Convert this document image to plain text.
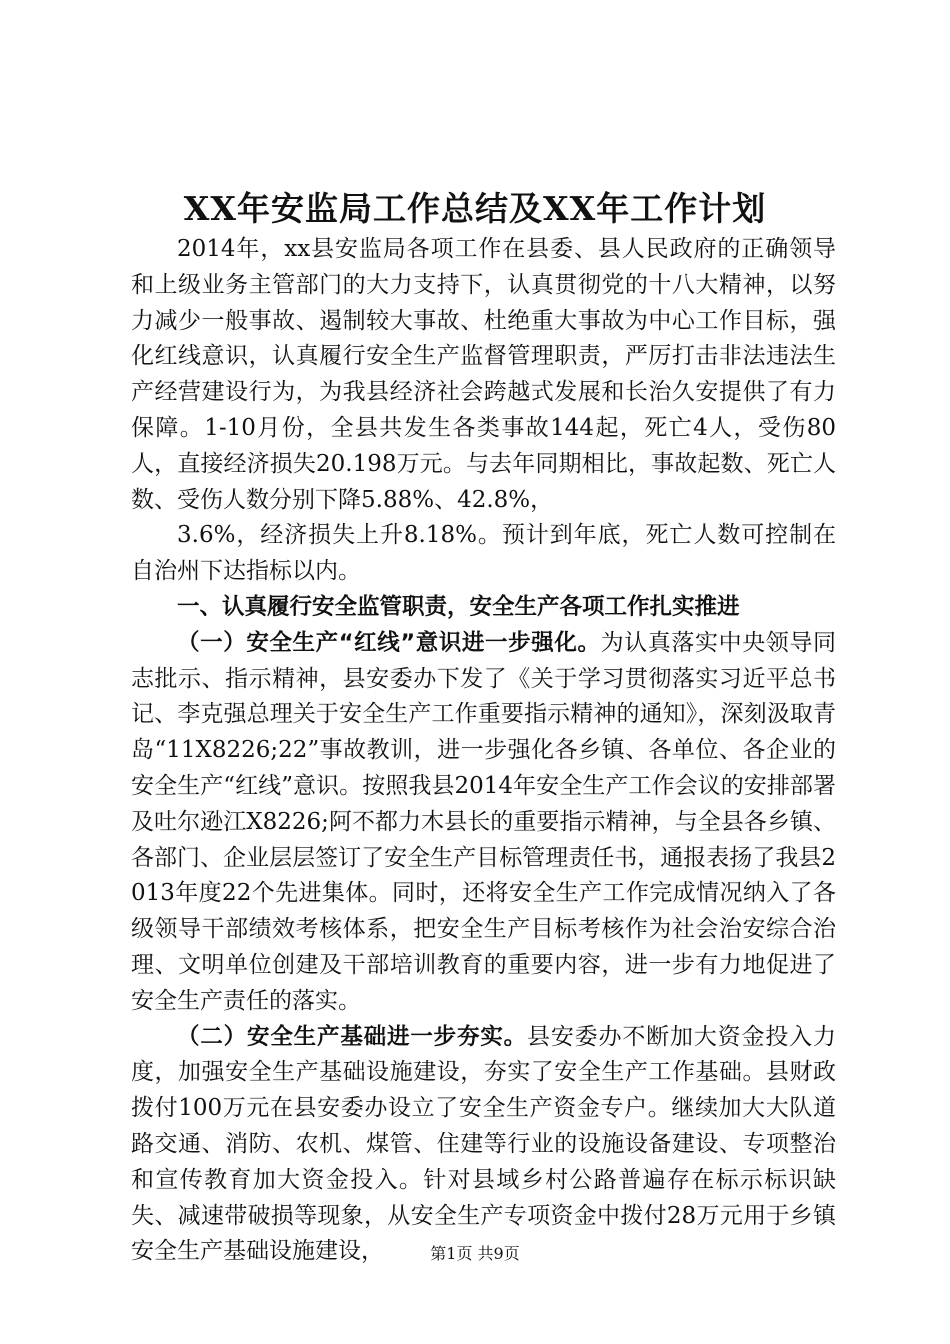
XX年安监局工作总结及XX年工作计划

2014年，xx县安监局各项工作在县委、县人民政府的正确领导和上级业务主管部门的大力支持下，认真贯彻党的十八大精神，以努力减少一般事故、遏制较大事故、杜绝重大事故为中心工作目标，强化红线意识，认真履行安全生产监督管理职责，严厉打击非法违法生产经营建设行为，为我县经济社会跨越式发展和长治久安提供了有力保障。1-10月份，全县共发生各类事故144起，死亡4人，受伤80人，直接经济损失20.198万元。与去年同期相比，事故起数、死亡人数、受伤人数分别下降5.88%、42.8%，

3.6%，经济损失上升8.18%。预计到年底，死亡人数可控制在自治州下达指标以内。

一、认真履行安全监管职责，安全生产各项工作扎实推进

（一）安全生产“红线”意识进一步强化。为认真落实中央领导同志批示、指示精神，县安委办下发了《关于学习贯彻落实习近平总书记、李克强总理关于安全生产工作重要指示精神的通知》，深刻汲取青岛“11X8226;22”事故教训，进一步强化各乡镇、各单位、各企业的安全生产“红线”意识。按照我县2014年安全生产工作会议的安排部署及吐尔逊江X8226;阿不都力木县长的重要指示精神，与全县各乡镇、各部门、企业层层签订了安全生产目标管理责任书，通报表扬了我县2013年度22个先进集体。同时，还将安全生产工作完成情况纳入了各级领导干部绩效考核体系，把安全生产目标考核作为社会治安综合治理、文明单位创建及干部培训教育的重要内容，进一步有力地促进了安全生产责任的落实。

（二）安全生产基础进一步夯实。县安委办不断加大资金投入力度，加强安全生产基础设施建设，夯实了安全生产工作基础。县财政拨付100万元在县安委办设立了安全生产资金专户。继续加大大队道路交通、消防、农机、煤管、住建等行业的设施设备建设、专项整治和宣传教育加大资金投入。针对县域乡村公路普遍存在标示标识缺失、减速带破损等现象，从安全生产专项资金中拨付28万元用于乡镇安全生产基础设施建设，	第1页 共9页
